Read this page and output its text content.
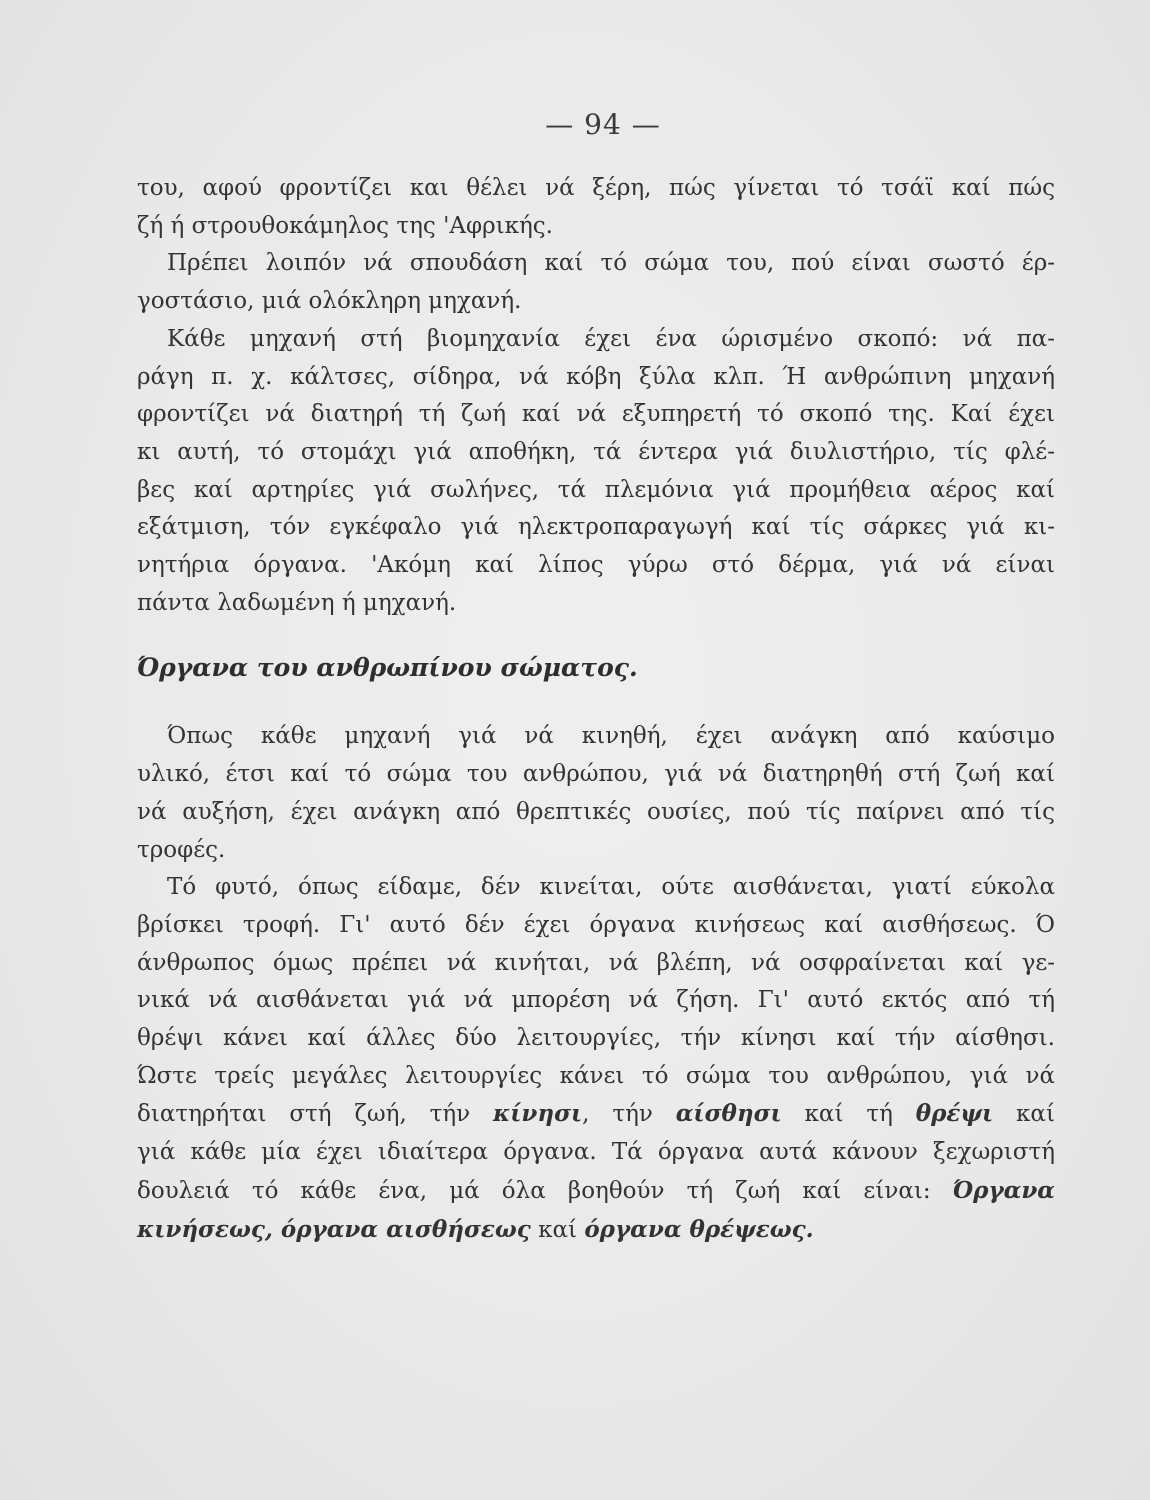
— 94 —

του, αφού φροντίζει και θέλει νά ξέρη, πώς γίνεται τό τσάϊ καί πώς
ζή ή στρουθοκάμηλος της 'Αφρικής.

Πρέπει λοιπόν νά σπουδάση καί τό σώμα του, πού είναι σωστό έρ-
γοστάσιο, μιά ολόκληρη μηχανή.

Κάθε μηχανή στή βιομηχανία έχει ένα ώρισμένο σκοπό: νά πα-
ράγη π. χ. κάλτσες, σίδηρα, νά κόβη ξύλα κλπ. Ή ανθρώπινη μηχανή
φροντίζει νά διατηρή τή ζωή καί νά εξυπηρετή τό σκοπό της. Καί έχει
κι αυτή, τό στομάχι γιά αποθήκη, τά έντερα γιά διυλιστήριο, τίς φλέ-
βες καί αρτηρίες γιά σωλήνες, τά πλεμόνια γιά προμήθεια αέρος καί
εξάτμιση, τόν εγκέφαλο γιά ηλεκτροπαραγωγή καί τίς σάρκες γιά κι-
νητήρια όργανα. 'Ακόμη καί λίπος γύρω στό δέρμα, γιά νά είναι
πάντα λαδωμένη ή μηχανή.

Όργανα του ανθρωπίνου σώματος.

Όπως κάθε μηχανή γιά νά κινηθή, έχει ανάγκη από καύσιμο
υλικό, έτσι καί τό σώμα του ανθρώπου, γιά νά διατηρηθή στή ζωή καί
νά αυξήση, έχει ανάγκη από θρεπτικές ουσίες, πού τίς παίρνει από τίς
τροφές.

Τό φυτό, όπως είδαμε, δέν κινείται, ούτε αισθάνεται, γιατί εύκολα
βρίσκει τροφή. Γι' αυτό δέν έχει όργανα κινήσεως καί αισθήσεως. Ό
άνθρωπος όμως πρέπει νά κινήται, νά βλέπη, νά οσφραίνεται καί γε-
νικά νά αισθάνεται γιά νά μπορέση νά ζήση. Γι' αυτό εκτός από τή
θρέψι κάνει καί άλλες δύο λειτουργίες, τήν κίνησι καί τήν αίσθησι.
Ώστε τρείς μεγάλες λειτουργίες κάνει τό σώμα του ανθρώπου, γιά νά
διατηρήται στή ζωή, τήν κίνησι, τήν αίσθησι καί τή θρέψι καί
γιά κάθε μία έχει ιδιαίτερα όργανα. Τά όργανα αυτά κάνουν ξεχωριστή
δουλειά τό κάθε ένα, μά όλα βοηθούν τή ζωή καί είναι: Όργανα
κινήσεως, όργανα αισθήσεως καί όργανα θρέψεως.
